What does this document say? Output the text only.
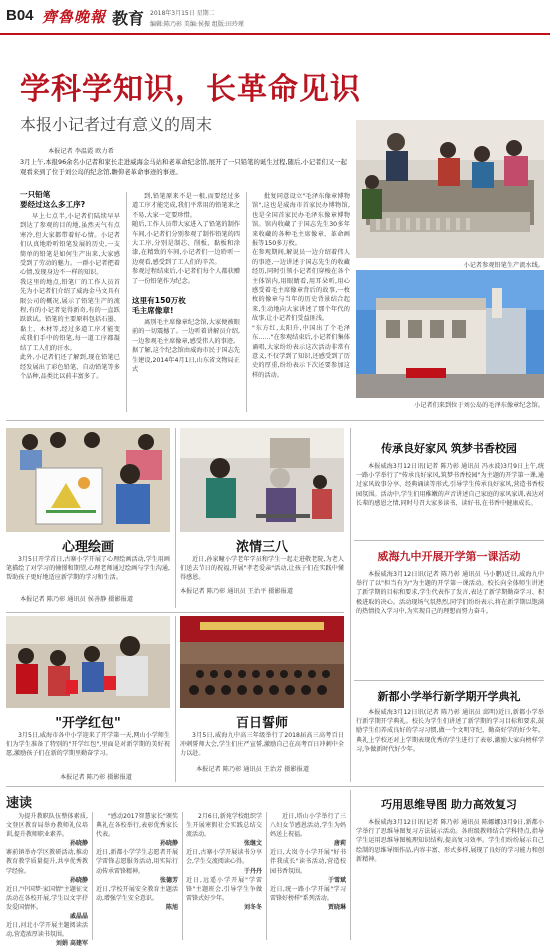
B04 齊魯晚報 教育 2018年3月15日 星期二
编辑:陈乃彰 美编:侯振 组版:田玲瑾
学科学知识，长革命见识
本报小记者过有意义的周末
本报记者 李温霞 欧力希
3月上午,本报96余名小记者和家长走进威海金马站和老革命纪念馆,展开了一只铅笔的诞生过程,随后,小记者们又一起观看来到了位于刘公岛的纪念馆,瞻仰老革命事迹的事迹。
小记者参观铅笔生产流水线。
小记者们来到位于刘公岛的毛泽东像章纪念馆。
一只铅笔
要经过这么多工序?
早上七点半,小记者们陆续早早到达了参观的目的地,虽然天气有点寒冷,但大家都带着好心情。小记者们认真地聆听铅笔发展的历史,一支简单的铅笔是如何生产出来,大家感受到了劳动的魅力。一群小记者把着心情,发现身边不一样的知识。
我这里的地点,铅笔厂的工作人员首先为小记者们介绍了威海金马文具有限公司的概况,展示了铅笔生产的流程,有的小记者觉得新奇,有的一直跃跃欲试。铅笔的主要原料包括石墨、黏土、木材等,经过多道工序才能变成我们手中的铅笔,每一道工序都凝结了工人们的汗水。
此外,小记者们还了解到,现在铅笔已经发展出了彩色铅笔、自动铅笔等多个品种,品类比以前丰富多了。
到,铅笔原来不是一根,而要经过多道工序才能完成,我们平常用的铅笔来之不易,大家一定要珍惜。
随后,工作人员带大家进入了铅笔的制作车间,小记者们分别参观了制作铅笔的四大工序,分别是制芯、削板、黏板和涂漆,在精致的车间,小记者们一边聆听一边观看,感受到了工人们的辛苦。
参观过程结束后,小记者们每个人都获赠了一份铅笔作为纪念。
这里有150万枚
毛主席像章!
离别毛主席像章纪念馆,大家便被眼前的一切震撼了。一边听着讲解员介绍,一边参观毛主席像章,感受伟人的事迹。
据了解,这个纪念馆由威海市民于国志先生建设,2014年4月1日,山东省文物局正式
批复同意设立"毛泽东像章博物馆",这也是威海市首家民办博物馆,也是全国首家民办毛泽东像章博物馆。馆内收藏了于国志先生30多年来收藏的各种毛主席像章、革命画报等150多万枚。
在参观期间,解说员一边介绍着伟人的事迹,一边讲述于国志先生的收藏经历,同时引领小记者们穿梭在各个主体馆内,用眼睛看,用耳朵听,用心感受着毛主席像章背后的故事,一枚枚的像章与当年的历史背景结合起来,生动地向大家讲述了那个年代的故事,让小记者们受益匪浅。
"东方红,太阳升,中国出了个毛泽东……"在参观结束后,小记者们集体诵唱,大家纷纷表示这次活动非常有意义,不仅学到了知识,还感受到了历史的厚重,纷纷表示下次还要参加这样的活动。
心理绘画
3月5日开学首日,古寨小学开展了心理绘画活动,学生用画笔描绘了对学习的憧憬和期望,心理老师通过绘画与学生沟通,帮助孩子更好地适应新学期的学习和生活。
本报记者 陈乃彰 通讯员 侯善静 摄影报道
浓情三八
近日,孙家疃小学老年学员和学生一起走进敬老院,为老人们送去节日的祝福,开展"孝老爱亲"活动,让孩子们在实践中懂得感恩。
本报记者 陈乃彰 通讯员 王治平 摄影报道
"开学红包"
3月5日,威海市各中小学迎来了开学第一天,网山小学师生们为学生准备了特别的"开学红包",里面是对新学期的美好祝愿,激励孩子们在新的学期里勤奋学习。
本报记者 陈乃彰 摄影报道
百日誓师
3月5日,威海九中高三年级举行了2018届高三高考百日冲刺誓师大会,学生们庄严宣誓,激励自己在高考百日冲刺中全力以赴。
本报记者 陈乃彰 通讯员 王治芳 摄影报道
传承良好家风 筑梦书香校园
本报威海3月12日讯(记者 陈乃彰 通讯员 冯永波)3月9日上午,统一路小学举行了"传承良好家风,筑梦书香校园"为主题的开学第一课,通过家风故事分享、经典诵读等形式,引导学生传承良好家风,营造书香校园氛围。活动中,学生们用稚嫩的声音讲述自己家庭的家风家训,表达对长辈的感恩之情,同时号召大家多读书、读好书,在书香中健康成长。
威海九中开展开学第一课活动
本报威海3月12日讯(记者 陈乃彰 通讯员 马小鹏)近日,威海九中举行了以"担当有为"为主题的开学第一课活动。校长向全体师生讲述了新学期的目标和要求,学生代表作了发言,表达了新学期勤奋学习、积极进取的决心。活动现场气氛热烈,同学们纷纷表示,将在新学期以饱满的热情投入学习中,为实现自己的理想而努力奋斗。
新都小学举行新学期开学典礼
本报威海3月12日讯(记者 陈乃彰 通讯员 邱明)近日,新都小学举行新学期开学典礼。校长为学生们讲述了新学期的学习目标和要求,鼓励学生们养成良好的学习习惯,做一个文明守纪、勤奋好学的好少年。典礼上学校还对上学期表现优秀的学生进行了表彰,激励大家向榜样学习,争做新时代好少年。
速读
为提升教职队伍整体素质,文登区教育局举办教师礼仪培训,提升教师职业素养。
孙晓静
寨前镇举办学区教研活动,推动教育教学质量提升,共享优秀教学经验。
孙晓静
近日,"中国梦·家国情"主题征文活动在各校开展,学生以文字抒发爱国情怀。
戚晶晶
近日,河北小学开展主题阅读活动,营造浓厚读书氛围。
刘娟 高建军
"感动2017智慧家长"颁奖典礼在各校举行,表彰优秀家长代表。
孙晓静
近日,新都小学学生志愿者开展学雷锋志愿服务活动,用实际行动传承雷锋精神。
张德芳
近日,学校开展安全教育主题活动,增强学生安全意识。
陈旭
2月6日,新苑学校组织学生开展寒假社会实践总结交流活动。
张继文
近日,古寨小学开展读书分享会,学生交流阅读心得。
于丹丹
近日,远遥小学开展"学雷锋"主题班会,引导学生争做雷锋式好少年。
刘冬冬
近日,塔山小学举行了三八妇女节感恩活动,学生为妈妈送上祝福。
唐莉
近日,大岚寺小学开展"好书伴我成长"读书活动,营造校园书香氛围。
于雪斌
近日,统一路小学开展"学习雷锋好榜样"系列活动。
贾晓琳
巧用思维导图 助力高效复习
本报威海3月12日讯(记者 陈乃彰 通讯员 陈娜娜)3月9日,新都小学举行了思维导图复习方法展示活动。各班级教师结合学科特点,指导学生运用思维导图梳理知识结构,提高复习效率。学生们纷纷展示自己绘制的思维导图作品,内容丰富、形式多样,展现了良好的学习能力和创新精神。
